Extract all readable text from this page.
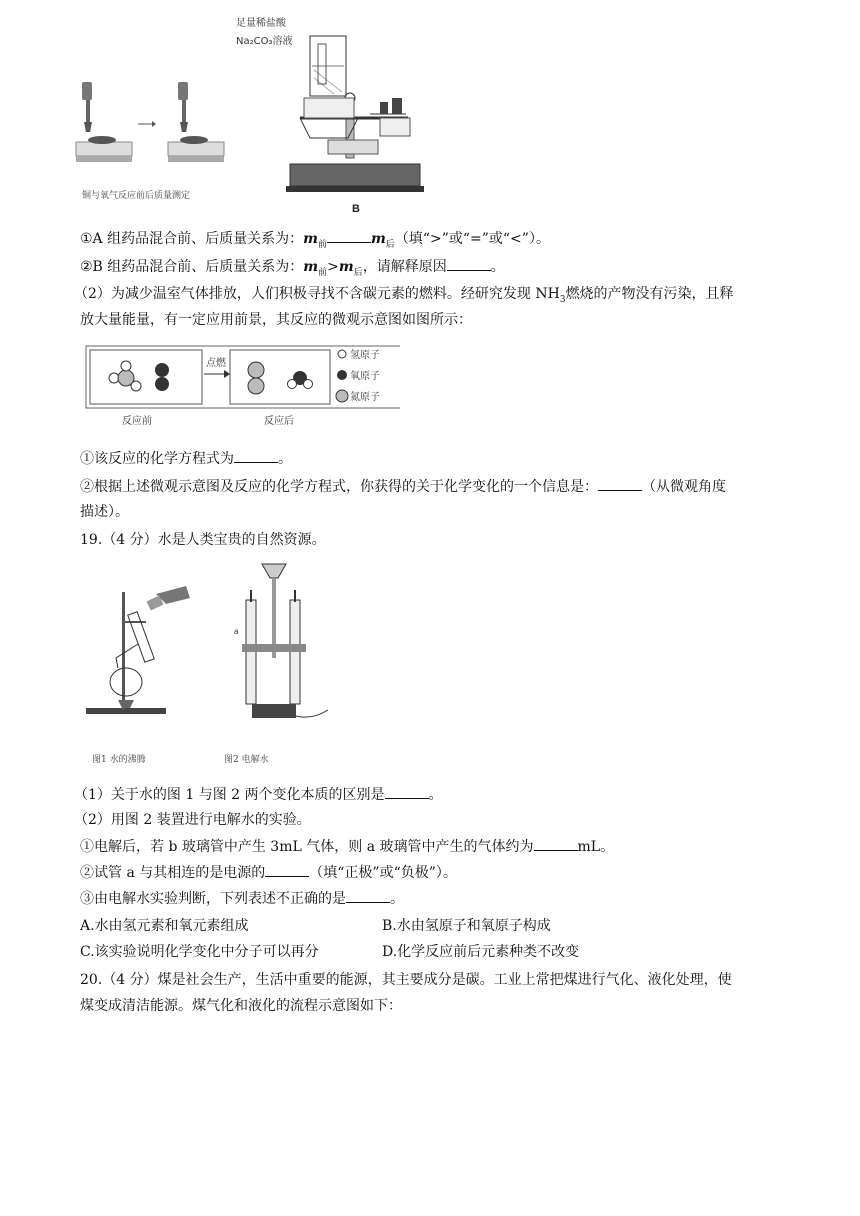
铜与氧气反应前后质量测定
足量稀盐酸
Na₂CO₃溶液
B
①A 组药品混合前、后质量关系为：$m_前$	$m_后$（填“>”或“=”或“<”）。
②B 组药品混合前、后质量关系为：$m_前>m_后$，请解释原因	。
（2）为减少温室气体排放，人们积极寻找不含碳元素的燃料。经研究发现 $NH_3$燃烧的产物没有污染，且释
放大量能量，有一定应用前景，其反应的微观示意图如图所示：
点燃
氢原子
氧原子
氮原子
反应前	反应后
①该反应的化学方程式为	。
②根据上述微观示意图及反应的化学方程式，你获得的关于化学变化的一个信息是：	（从微观角度
描述）。
19.（4 分）水是人类宝贵的自然资源。
图1 水的沸腾
a
图2 电解水
（1）关于水的图 1 与图 2 两个变化本质的区别是	。
（2）用图 2 装置进行电解水的实验。
①电解后，若 b 玻璃管中产生 3mL 气体，则 a 玻璃管中产生的气体约为	mL。
②试管 a 与其相连的是电源的	（填“正极”或“负极”）。
③由电解水实验判断，下列表述不正确的是	。
A.水由氢元素和氧元素组成	B.水由氢原子和氧原子构成
C.该实验说明化学变化中分子可以再分	D.化学反应前后元素种类不改变
20.（4 分）煤是社会生产，生活中重要的能源，其主要成分是碳。工业上常把煤进行气化、液化处理，使
煤变成清洁能源。煤气化和液化的流程示意图如下：
